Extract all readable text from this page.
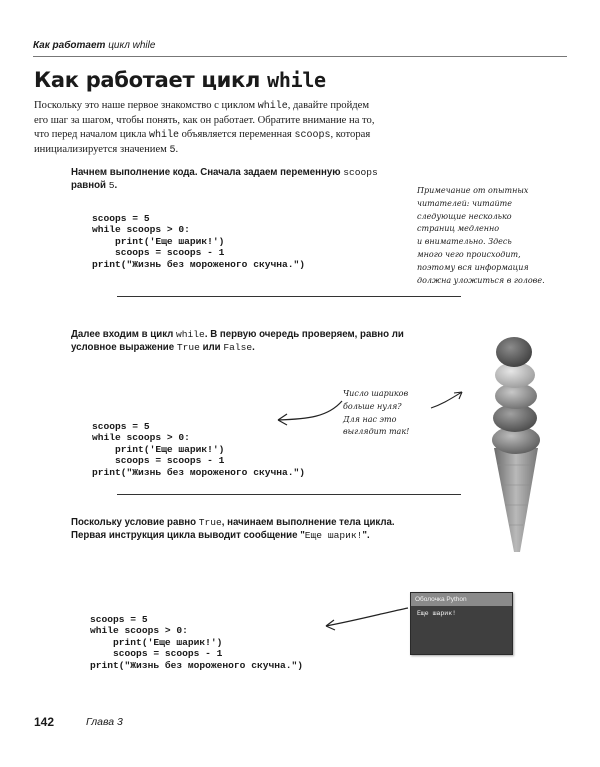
Как работает цикл while
Как работает цикл while
Поскольку это наше первое знакомство с циклом while, давайте пройдем его шаг за шагом, чтобы понять, как он работает. Обратите внимание на то, что перед началом цикла while объявляется переменная scoops, которая инициализируется значением 5.
Начнем выполнение кода. Сначала задаем переменную scoops равной 5.

scoops = 5
while scoops > 0:
print('Еще шарик!')
scoops = scoops - 1
print("Жизнь без мороженого скучна.")

Примечание от опытных
читателей: читайте
следующие несколько
страниц медленно
и внимательно. Здесь
много чего происходит,
поэтому вся информация
должна уложиться в голове.
Далее входим в цикл while. В первую очередь проверяем, равно ли условное выражение True или False.

scoops = 5
while scoops > 0:
print('Еще шарик!')
scoops = scoops - 1
print("Жизнь без мороженого скучна.")

Число шариков
больше нуля?
Для нас это
выглядит так!
Поскольку условие равно True, начинаем выполнение тела цикла. Первая инструкция цикла выводит сообщение "Еще шарик!".

scoops = 5
while scoops > 0:
print('Еще шарик!')
scoops = scoops - 1
print("Жизнь без мороженого скучна.")

Оболочка Python
Еще шарик!
142	Глава 3
